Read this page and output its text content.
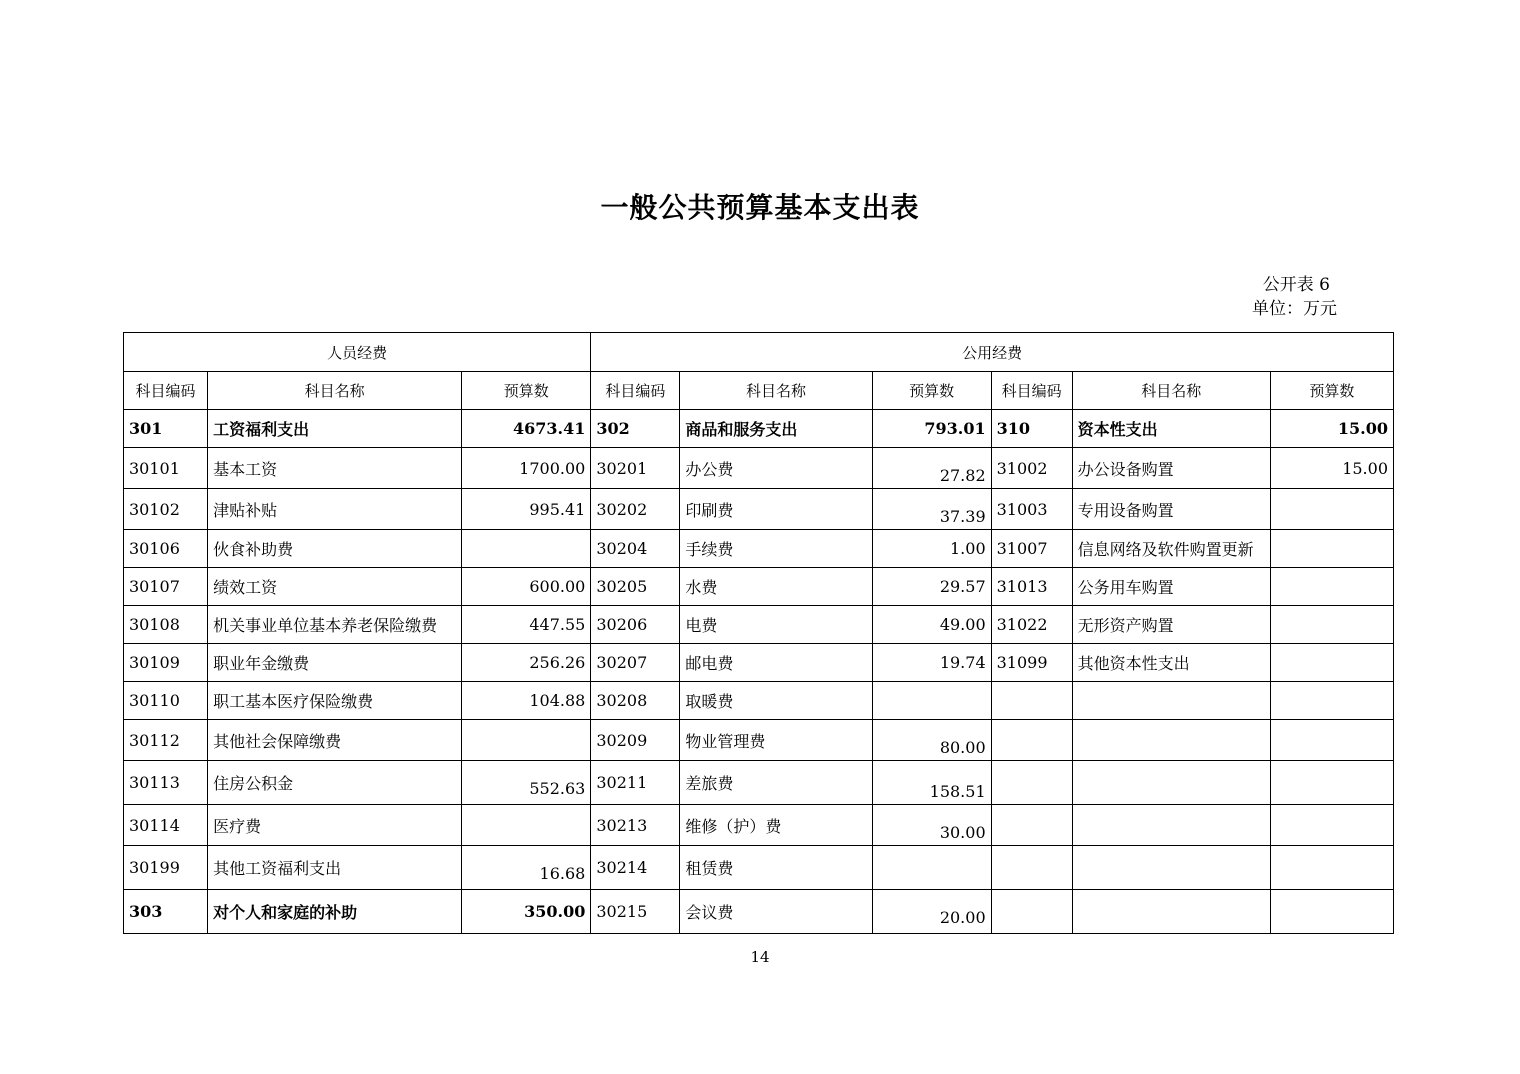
一般公共预算基本支出表
公开表 6
单位：万元
人员经费			公用经费					
科目编码	科目名称	预算数	科目编码	科目名称	预算数	科目编码	科目名称	预算数
301	工资福利支出	4673.41	302	商品和服务支出	793.01	310	资本性支出	15.00
30101	基本工资	1700.00	30201	办公费	27.82	31002	办公设备购置	15.00
30102	津贴补贴	995.41	30202	印刷费	37.39	31003	专用设备购置	
30106	伙食补助费		30204	手续费	1.00	31007	信息网络及软件购置更新	
30107	绩效工资	600.00	30205	水费	29.57	31013	公务用车购置	
30108	机关事业单位基本养老保险缴费	447.55	30206	电费	49.00	31022	无形资产购置	
30109	职业年金缴费	256.26	30207	邮电费	19.74	31099	其他资本性支出	
30110	职工基本医疗保险缴费	104.88	30208	取暖费				
30112	其他社会保障缴费		30209	物业管理费	80.00			
30113	住房公积金	552.63	30211	差旅费	158.51			
30114	医疗费		30213	维修（护）费	30.00			
30199	其他工资福利支出	16.68	30214	租赁费				
303	对个人和家庭的补助	350.00	30215	会议费	20.00			
14
